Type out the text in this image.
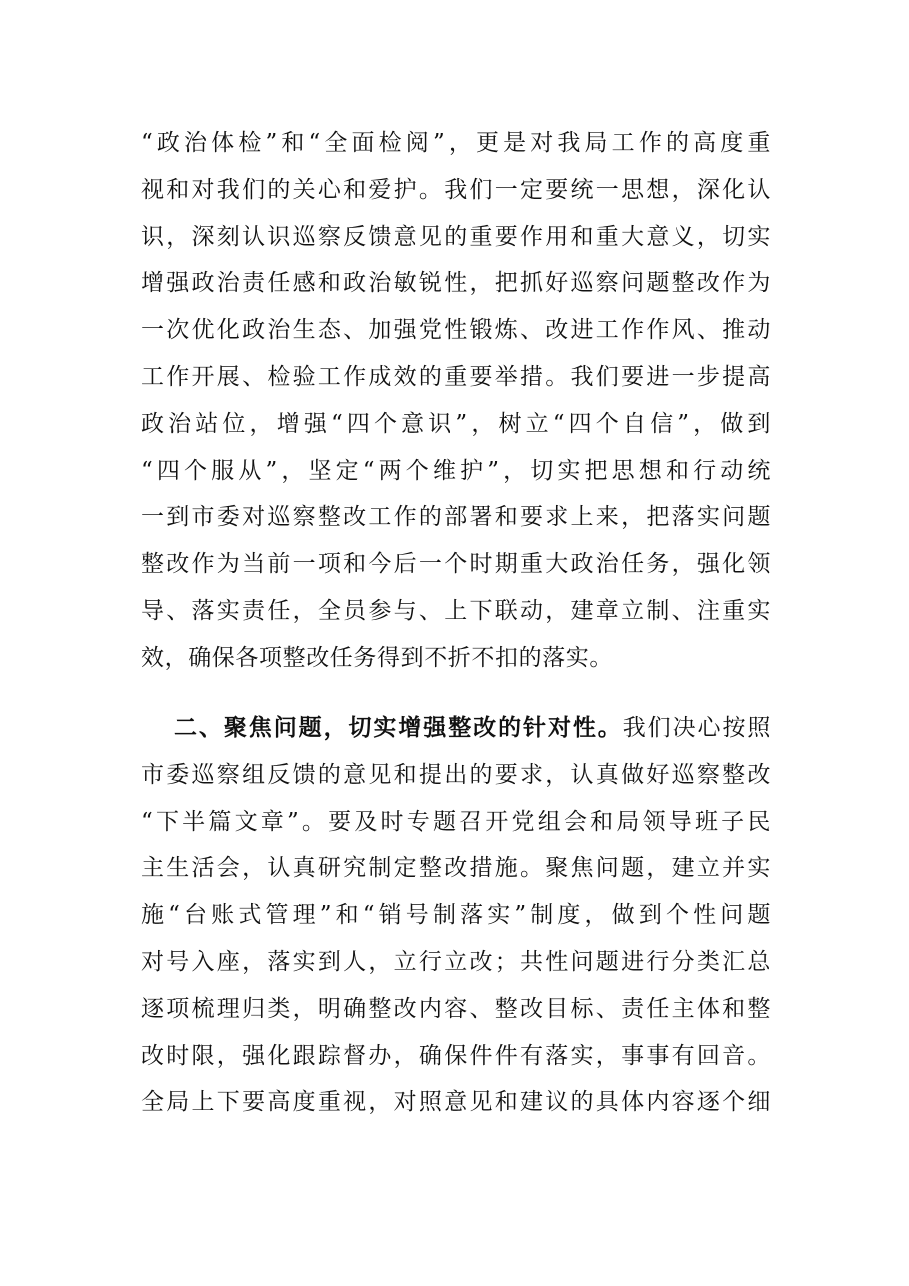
“政治体检”和“全面检阅”，更是对我局工作的高度重
视和对我们的关心和爱护。我们一定要统一思想，深化认
识，深刻认识巡察反馈意见的重要作用和重大意义，切实
增强政治责任感和政治敏锐性，把抓好巡察问题整改作为
一次优化政治生态、加强党性锻炼、改进工作作风、推动
工作开展、检验工作成效的重要举措。我们要进一步提高
政治站位，增强“四个意识”，树立“四个自信”，做到
“四个服从”，坚定“两个维护”，切实把思想和行动统
一到市委对巡察整改工作的部署和要求上来，把落实问题
整改作为当前一项和今后一个时期重大政治任务，强化领
导、落实责任，全员参与、上下联动，建章立制、注重实
效，确保各项整改任务得到不折不扣的落实。
二、聚焦问题，切实增强整改的针对性。我们决心按照
市委巡察组反馈的意见和提出的要求，认真做好巡察整改
“下半篇文章”。要及时专题召开党组会和局领导班子民
主生活会，认真研究制定整改措施。聚焦问题，建立并实
施“台账式管理”和“销号制落实”制度，做到个性问题
对号入座，落实到人，立行立改；共性问题进行分类汇总
逐项梳理归类，明确整改内容、整改目标、责任主体和整
改时限，强化跟踪督办，确保件件有落实，事事有回音。
全局上下要高度重视，对照意见和建议的具体内容逐个细
